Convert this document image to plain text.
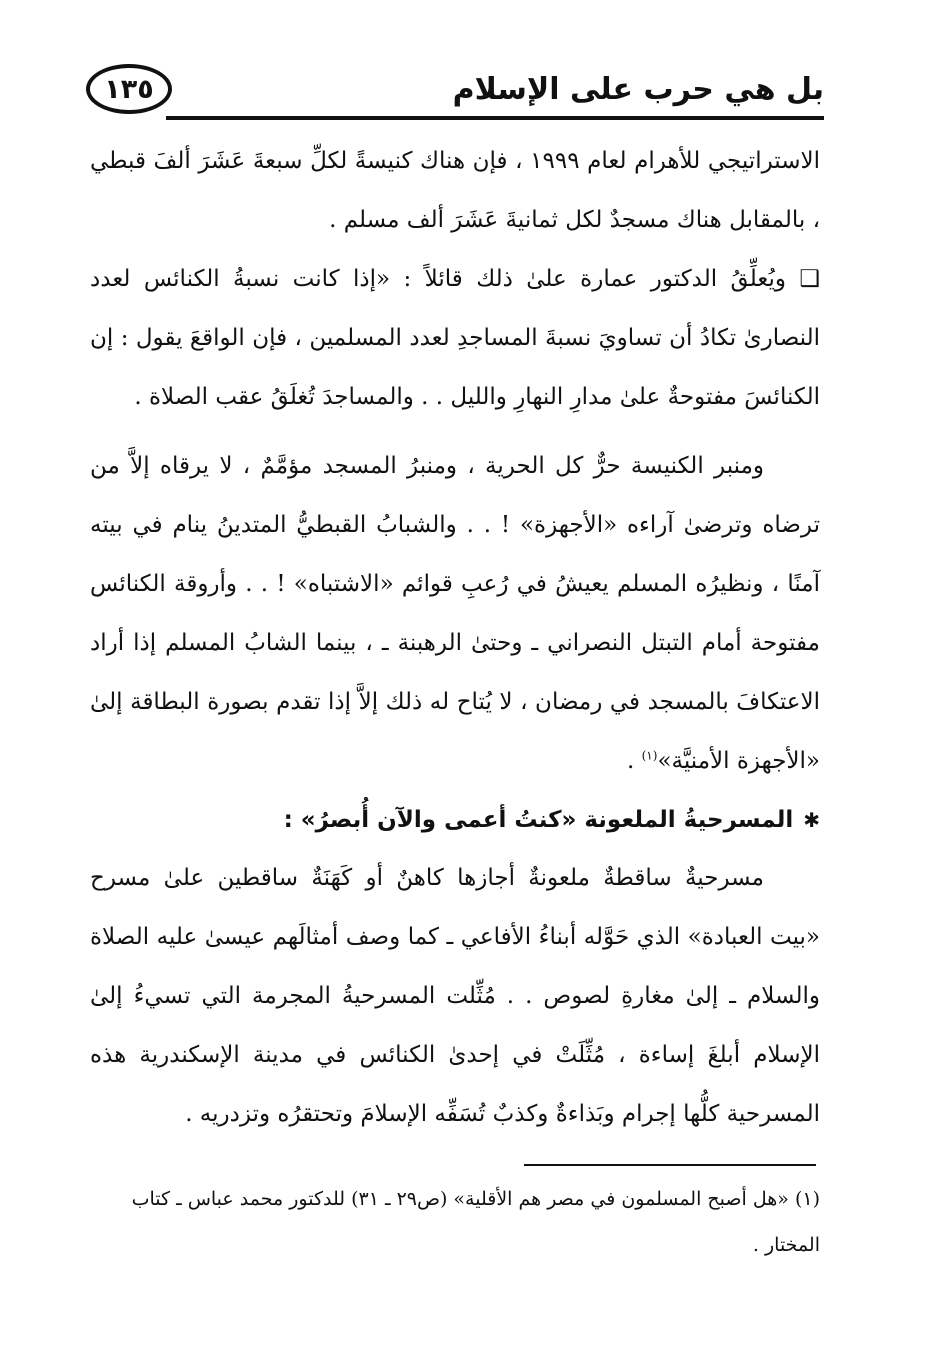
بل هي حرب على الإسلام
١٣٥

الاستراتيجي للأهرام لعام ١٩٩٩ ، فإن هناك كنيسةً لكلِّ سبعةَ عَشَرَ ألفَ قبطي ، بالمقابل هناك مسجدٌ لكل ثمانيةَ عَشَرَ ألف مسلم .

❑ ويُعلِّقُ الدكتور عمارة علىٰ ذلك قائلاً : «إذا كانت نسبةُ الكنائس لعدد النصارىٰ تكادُ أن تساويَ نسبةَ المساجدِ لعدد المسلمين ، فإن الواقعَ يقول : إن الكنائسَ مفتوحةٌ علىٰ مدارِ النهارِ والليل . . والمساجدَ تُغلَقُ عقب الصلاة .

ومنبر الكنيسة حرٌّ كل الحرية ، ومنبرُ المسجد مؤمَّمٌ ، لا يرقاه إلاَّ من ترضاه وترضىٰ آراءه «الأجهزة» ! . . والشبابُ القبطيُّ المتدينُ ينام في بيته آمنًا ، ونظيرُه المسلم يعيشُ في رُعبِ قوائم «الاشتباه» ! . . وأروقة الكنائس مفتوحة أمام التبتل النصراني ـ وحتىٰ الرهبنة ـ ، بينما الشابُ المسلم إذا أراد الاعتكافَ بالمسجد في رمضان ، لا يُتاح له ذلك إلاَّ إذا تقدم بصورة البطاقة إلىٰ «الأجهزة الأمنيَّة»$^{(١)}$ .

✱المسرحيةُ الملعونة «كنتُ أعمى والآن أُبصرُ» :

مسرحيةٌ ساقطةٌ ملعونةٌ أجازها كاهنٌ أو كَهَنَةٌ ساقطين علىٰ مسرح «بيت العبادة» الذي حَوَّله أبناءُ الأفاعي ـ كما وصف أمثالَهم عيسىٰ عليه الصلاة والسلام ـ إلىٰ مغارةِ لصوص . . مُثِّلت المسرحيةُ المجرمة التي تسيءُ إلىٰ الإسلام أبلغَ إساءة ، مُثِّلَتْ في إحدىٰ الكنائس في مدينة الإسكندرية هذه المسرحية كلُّها إجرام وبَذاءةٌ وكذبٌ تُسَفِّه الإسلامَ وتحتقرُه وتزدريه .

(١) «هل أصبح المسلمون في مصر هم الأقلية» (ص٢٩ ـ ٣١) للدكتور محمد عباس ـ كتاب المختار .
